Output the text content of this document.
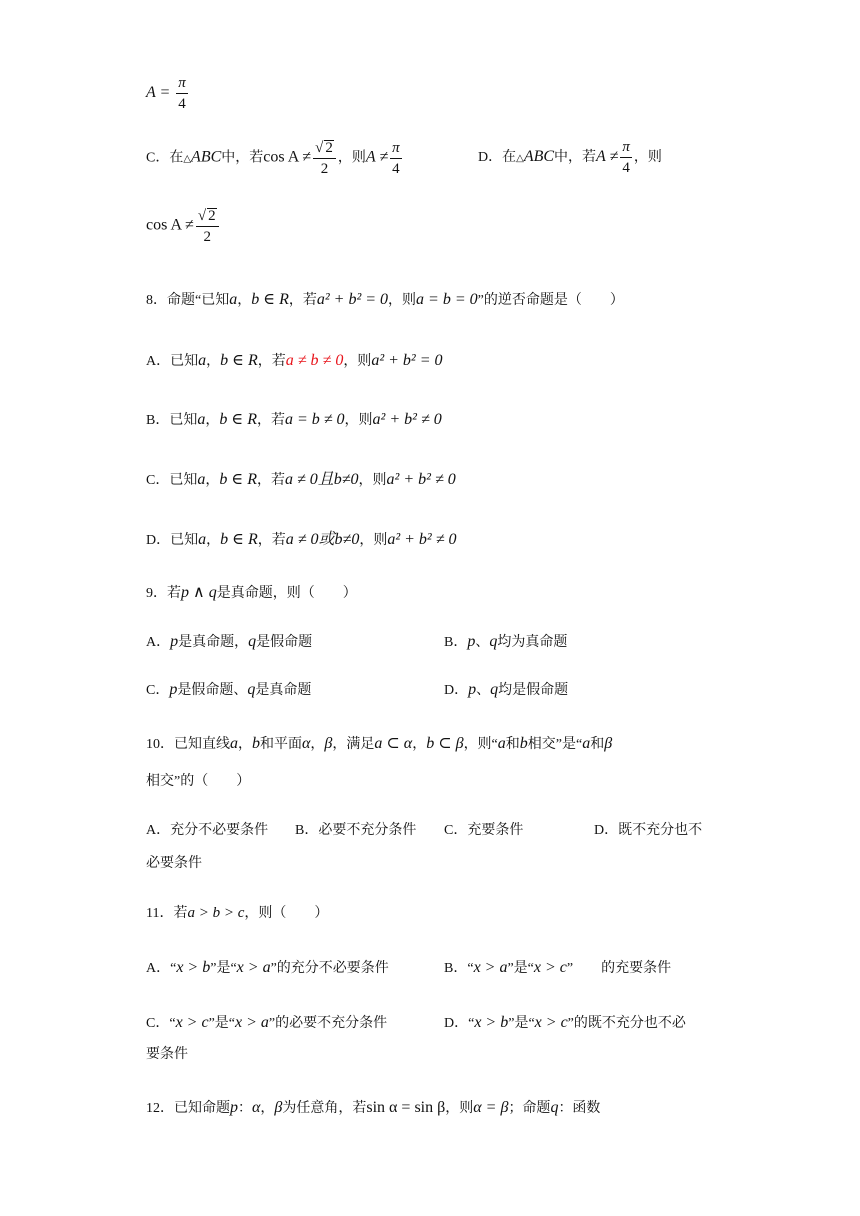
$A = \frac{\pi}{4}$
C．在△ABC中，若$\cos A \ne \frac{√ 2}{2}$ ，则$A \ne \frac{\pi}{4}$	D．在△ABC中，若$A \ne \frac{\pi}{4}$ ，则
$\cos A \ne \frac{√ 2}{2}$
8．命题“已知a，b ∈ R，若a² + b² = 0，则a = b = 0”的逆否命题是（　　）
A．已知a，b ∈ R，若a ≠ b ≠ 0，则a² + b² = 0
B．已知a，b ∈ R，若a = b ≠ 0，则a² + b² ≠ 0
C．已知a，b ∈ R，若a ≠ 0且b≠0，则a² + b² ≠ 0
D．已知a，b ∈ R，若a ≠ 0或b≠0，则a² + b² ≠ 0
9．若p ∧ q是真命题，则（　　）
A．p是真命题，q是假命题	B．p、q均为真命题
C．p是假命题、q是真命题	D．p、q均是假命题
10．已知直线a，b和平面α，β，满足a ⊂ α，b ⊂ β，则“a和b相交”是“a和β
相交”的（　　）
A．充分不必要条件 B．必要不充分条件 C．充要条件	D．既不充分也不
必要条件
11．若a > b > c，则（　　）
A．“x > b”是“x > a”的充分不必要条件	B．“x > a”是“x > c”　　的充要条件
C．“x > c”是“x > a”的必要不充分条件	D．“x > b”是“x > c”的既不充分也不必
要条件
12．已知命题p：α，β为任意角，若sin α = sin β，则α = β；命题q：函数
